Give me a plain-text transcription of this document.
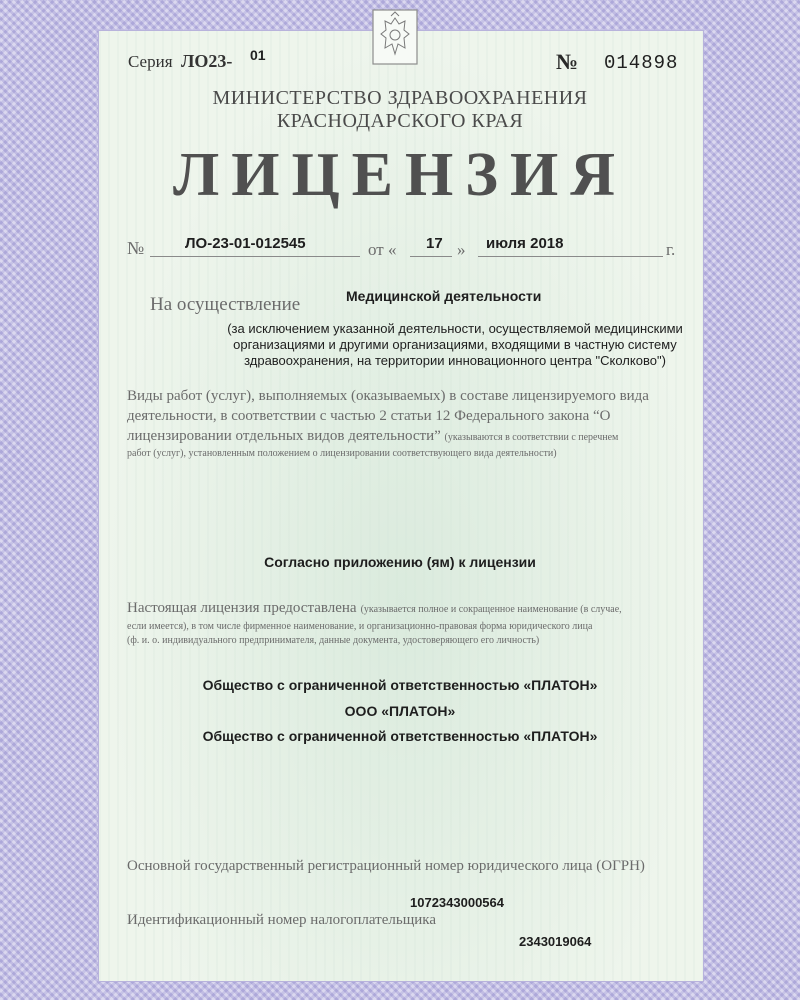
Серия ЛО23- 01	№ 014898
МИНИСТЕРСТВО ЗДРАВООХРАНЕНИЯ
КРАСНОДАРСКОГО КРАЯ
ЛИЦЕНЗИЯ
№	ЛО-23-01-012545	от « 17 » июля 2018	г.
На осуществление	Медицинской деятельности
(за исключением указанной деятельности, осуществляемой медицинскими
организациями и другими организациями, входящими в частную систему
здравоохранения, на территории инновационного центра "Сколково")
Виды работ (услуг), выполняемых (оказываемых) в составе лицензируемого вида
деятельности, в соответствии с частью 2 статьи 12 Федерального закона “О
лицензировании отдельных видов деятельности” (указываются в соответствии с перечнем
работ (услуг), установленным положением о лицензировании соответствующего вида деятельности)
Согласно приложению (ям) к лицензии
Настоящая лицензия предоставлена (указывается полное и сокращенное наименование (в случае,
если имеется), в том числе фирменное наименование, и организационно-правовая форма юридического лица
(ф. и. о. индивидуального предпринимателя, данные документа, удостоверяющего его личность)
Общество с ограниченной ответственностью «ПЛАТОН»
ООО «ПЛАТОН»
Общество с ограниченной ответственностью «ПЛАТОН»
Основной государственный регистрационный номер юридического лица (ОГРН)
1072343000564
Идентификационный номер налогоплательщика
2343019064
